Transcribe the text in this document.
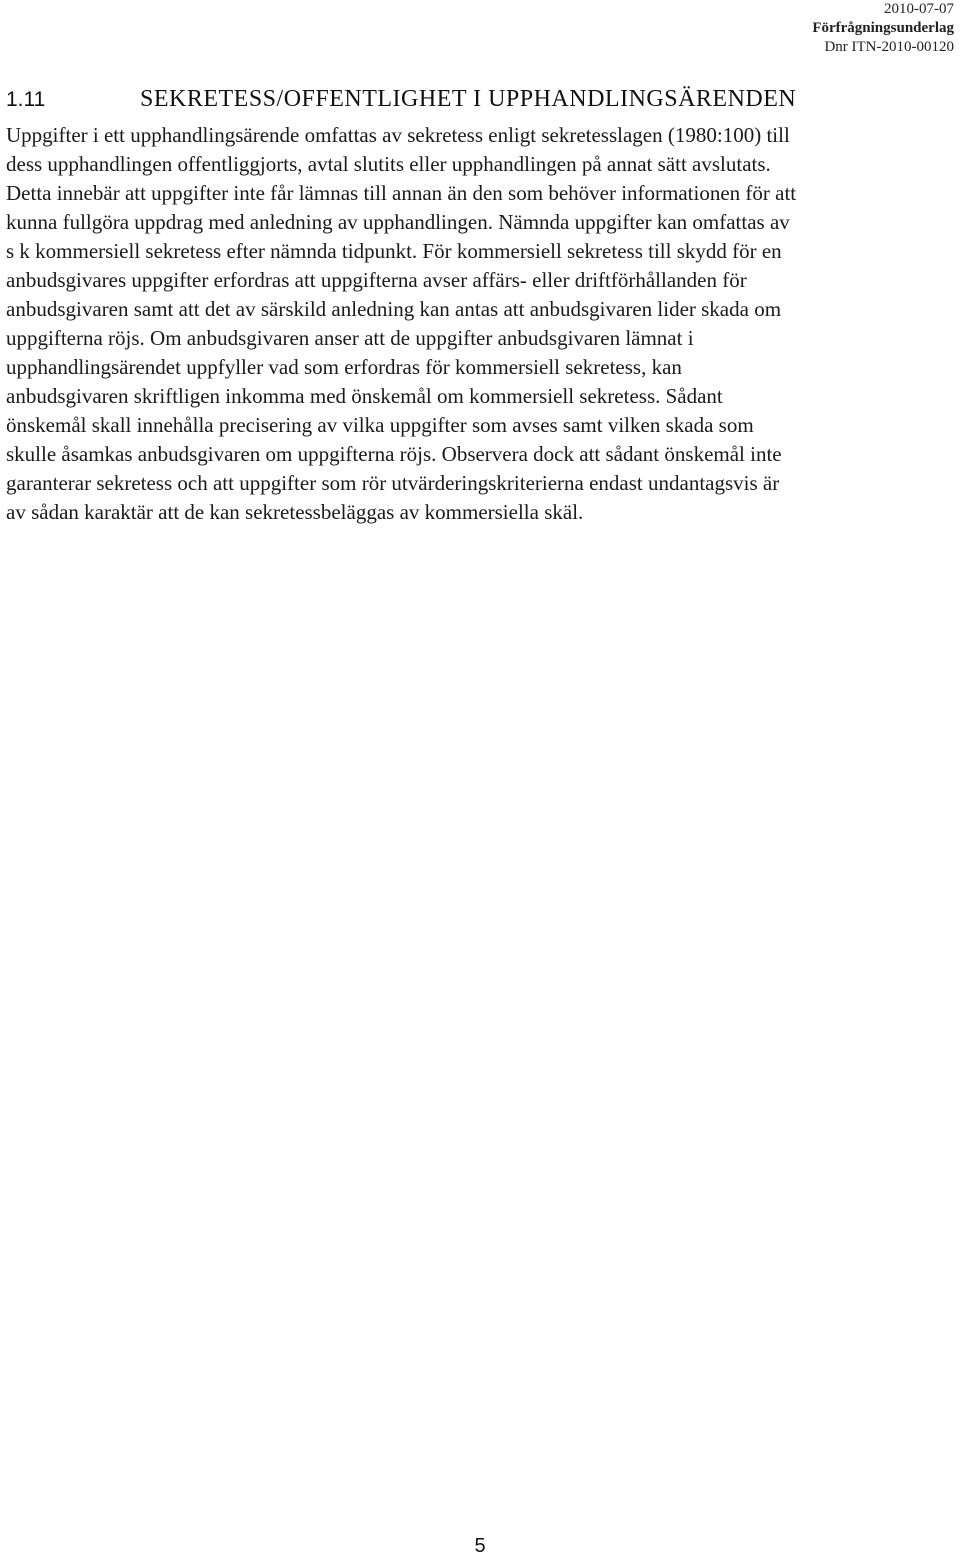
2010-07-07
Förfrågningsunderlag
Dnr ITN-2010-00120
1.11	SEKRETESS/OFFENTLIGHET I UPPHANDLINGSÄRENDEN
Uppgifter i ett upphandlingsärende omfattas av sekretess enligt sekretesslagen (1980:100) till
dess upphandlingen offentliggjorts, avtal slutits eller upphandlingen på annat sätt avslutats.
Detta innebär att uppgifter inte får lämnas till annan än den som behöver informationen för att
kunna fullgöra uppdrag med anledning av upphandlingen. Nämnda uppgifter kan omfattas av
s k kommersiell sekretess efter nämnda tidpunkt. För kommersiell sekretess till skydd för en
anbudsgivares uppgifter erfordras att uppgifterna avser affärs‐ eller driftförhållanden för
anbudsgivaren samt att det av särskild anledning kan antas att anbudsgivaren lider skada om
uppgifterna röjs. Om anbudsgivaren anser att de uppgifter anbudsgivaren lämnat i
upphandlingsärendet uppfyller vad som erfordras för kommersiell sekretess, kan
anbudsgivaren skriftligen inkomma med önskemål om kommersiell sekretess. Sådant
önskemål skall innehålla precisering av vilka uppgifter som avses samt vilken skada som
skulle åsamkas anbudsgivaren om uppgifterna röjs. Observera dock att sådant önskemål inte
garanterar sekretess och att uppgifter som rör utvärderingskriterierna endast undantagsvis är
av sådan karaktär att de kan sekretessbeläggas av kommersiella skäl.
5
